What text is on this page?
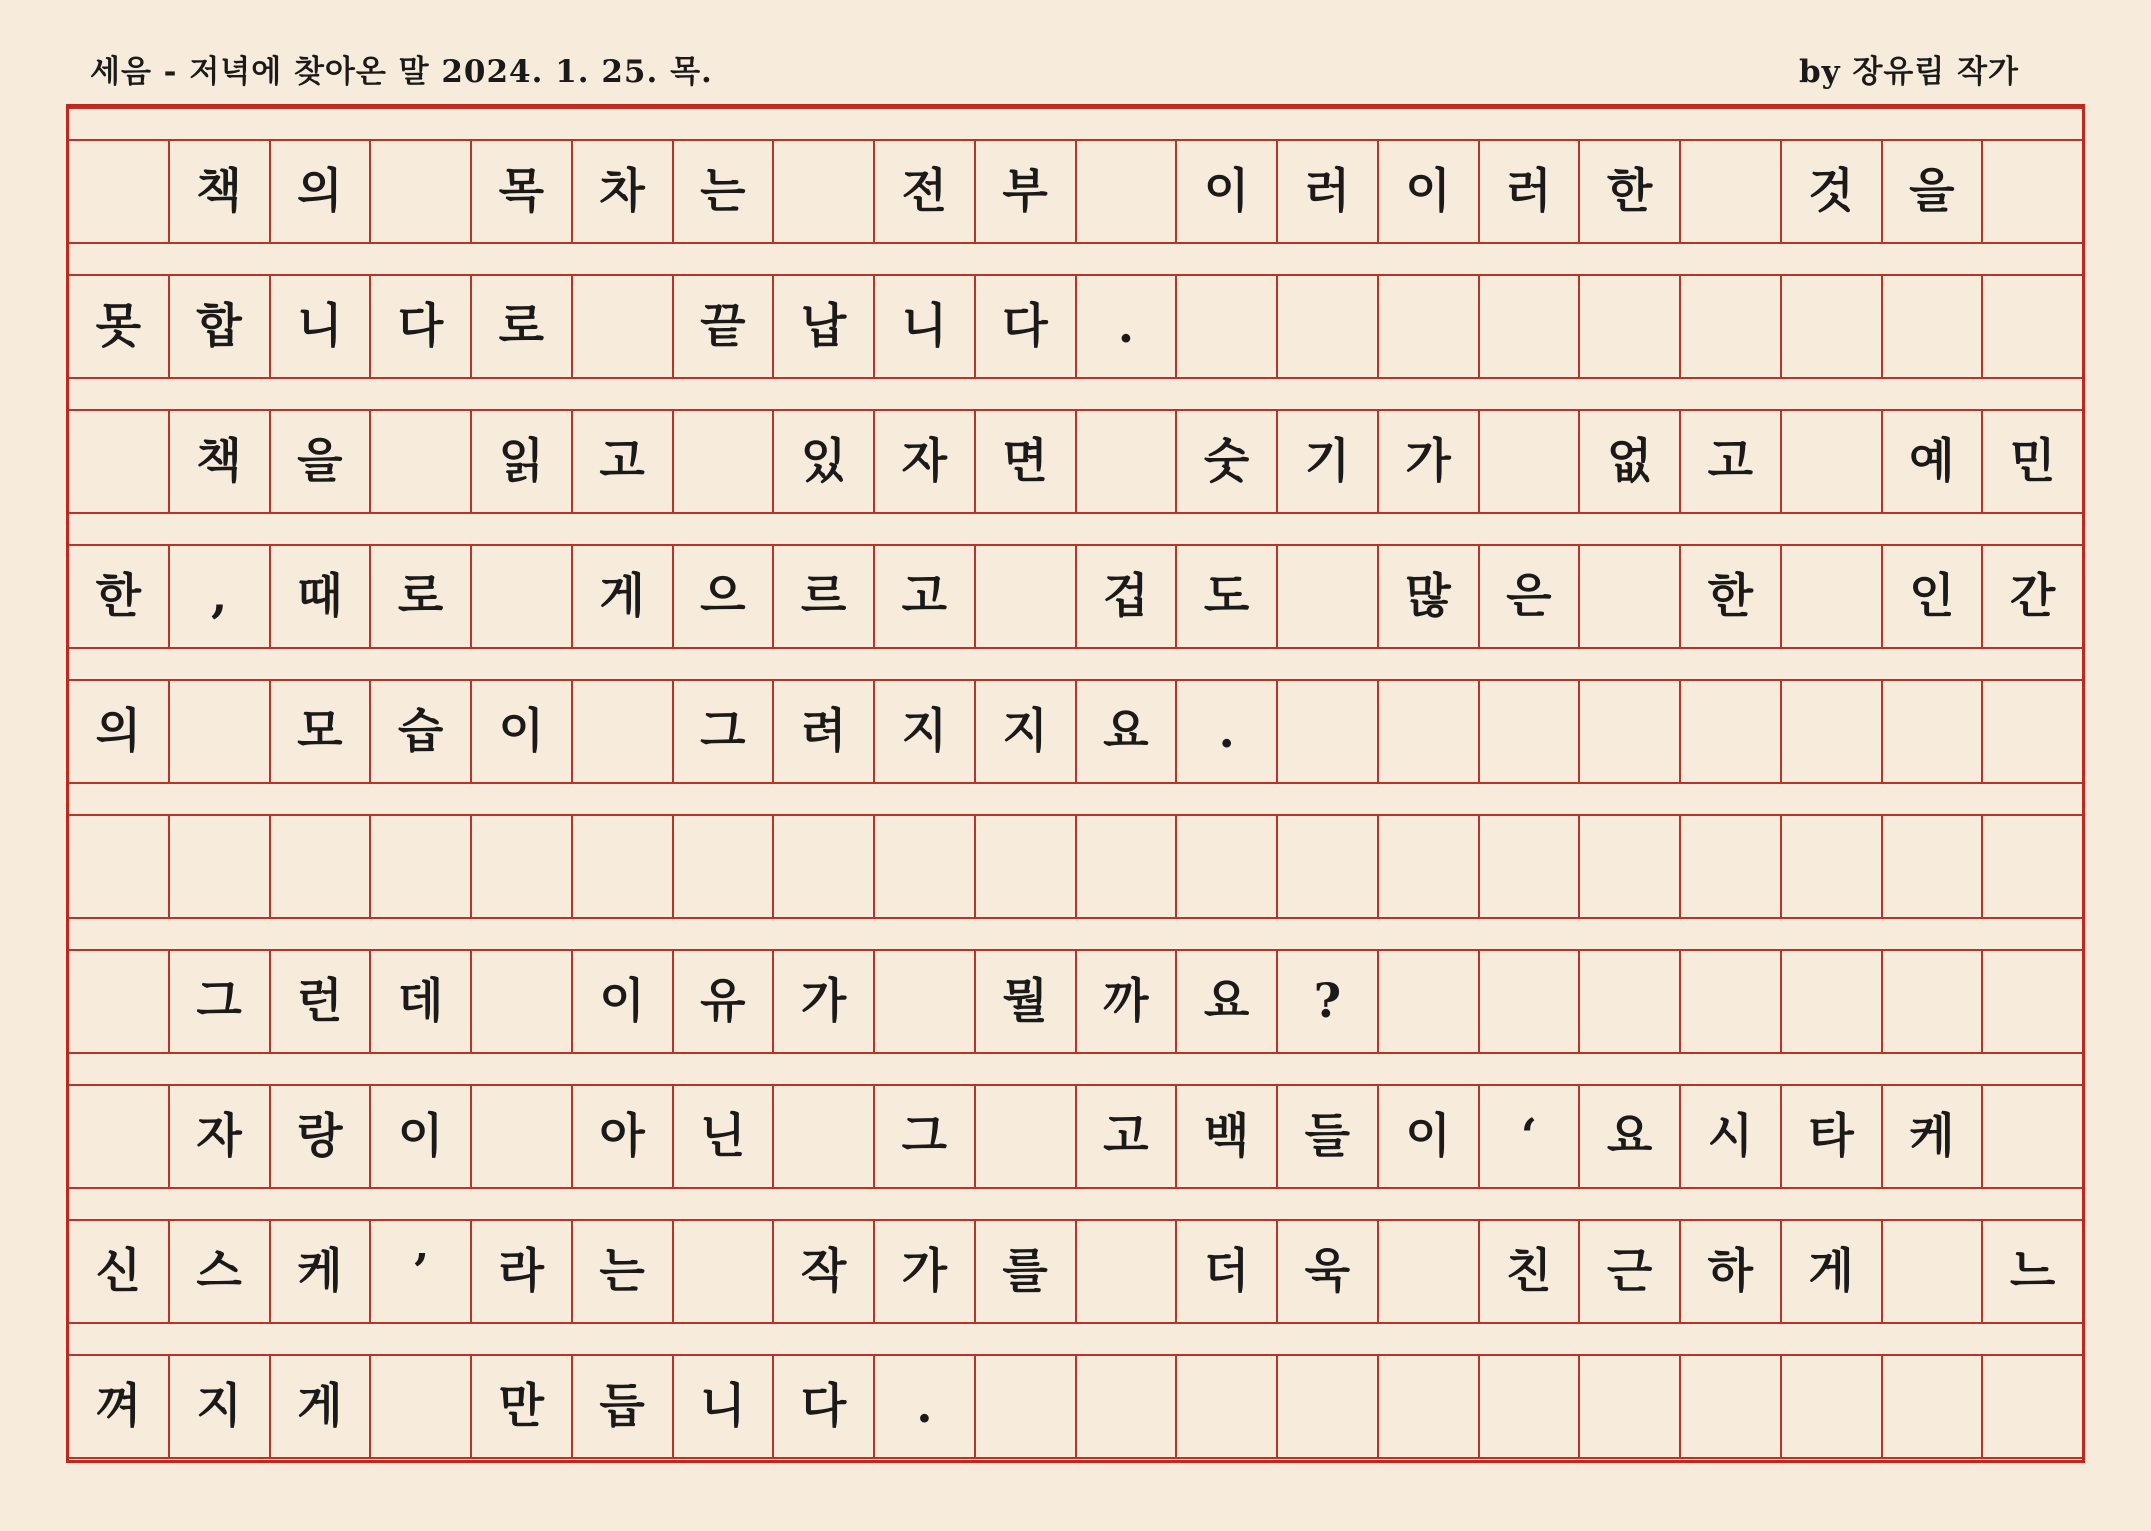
세음 - 저녁에 찾아온 말 2024. 1. 25. 목.	by 장유림 작가
책	의	목	차	는	전	부	이	러	이	러	한	것	을
못	합	니	다	로	끝	납	니	다	.
책	을	읽	고	있	자	면	숫	기	가	없	고	예	민
한	,	때	로	게	으	르	고	겁	도	많	은	한	인	간
의	모	습	이	그	려	지	지	요	.
그	런	데	이	유	가	뭘	까	요	?
자	랑	이	아	닌	그	고	백	들	이	‘	요	시	타	케
신	스	케	’	라	는	작	가	를	더	욱	친	근	하	게	느
껴	지	게	만	듭	니	다	.
